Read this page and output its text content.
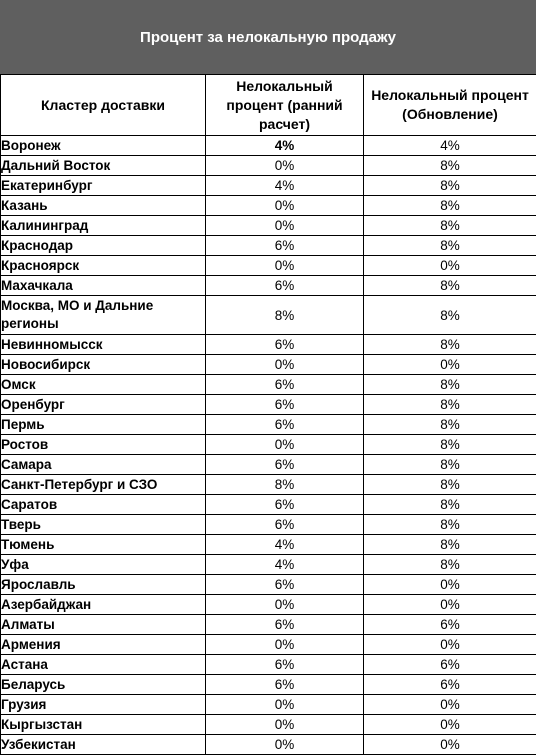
Процент за нелокальную продажу
Кластер доставки	Нелокальный процент (ранний расчет)	Нелокальный процент (Обновление)
Воронеж	4%	4%
Дальний Восток	0%	8%
Екатеринбург	4%	8%
Казань	0%	8%
Калининград	0%	8%
Краснодар	6%	8%
Красноярск	0%	0%
Махачкала	6%	8%
Москва, МО и Дальние регионы	8%	8%
Невинномысск	6%	8%
Новосибирск	0%	0%
Омск	6%	8%
Оренбург	6%	8%
Пермь	6%	8%
Ростов	0%	8%
Самара	6%	8%
Санкт-Петербург и СЗО	8%	8%
Саратов	6%	8%
Тверь	6%	8%
Тюмень	4%	8%
Уфа	4%	8%
Ярославль	6%	0%
Азербайджан	0%	0%
Алматы	6%	6%
Армения	0%	0%
Астана	6%	6%
Беларусь	6%	6%
Грузия	0%	0%
Кыргызстан	0%	0%
Узбекистан	0%	0%
